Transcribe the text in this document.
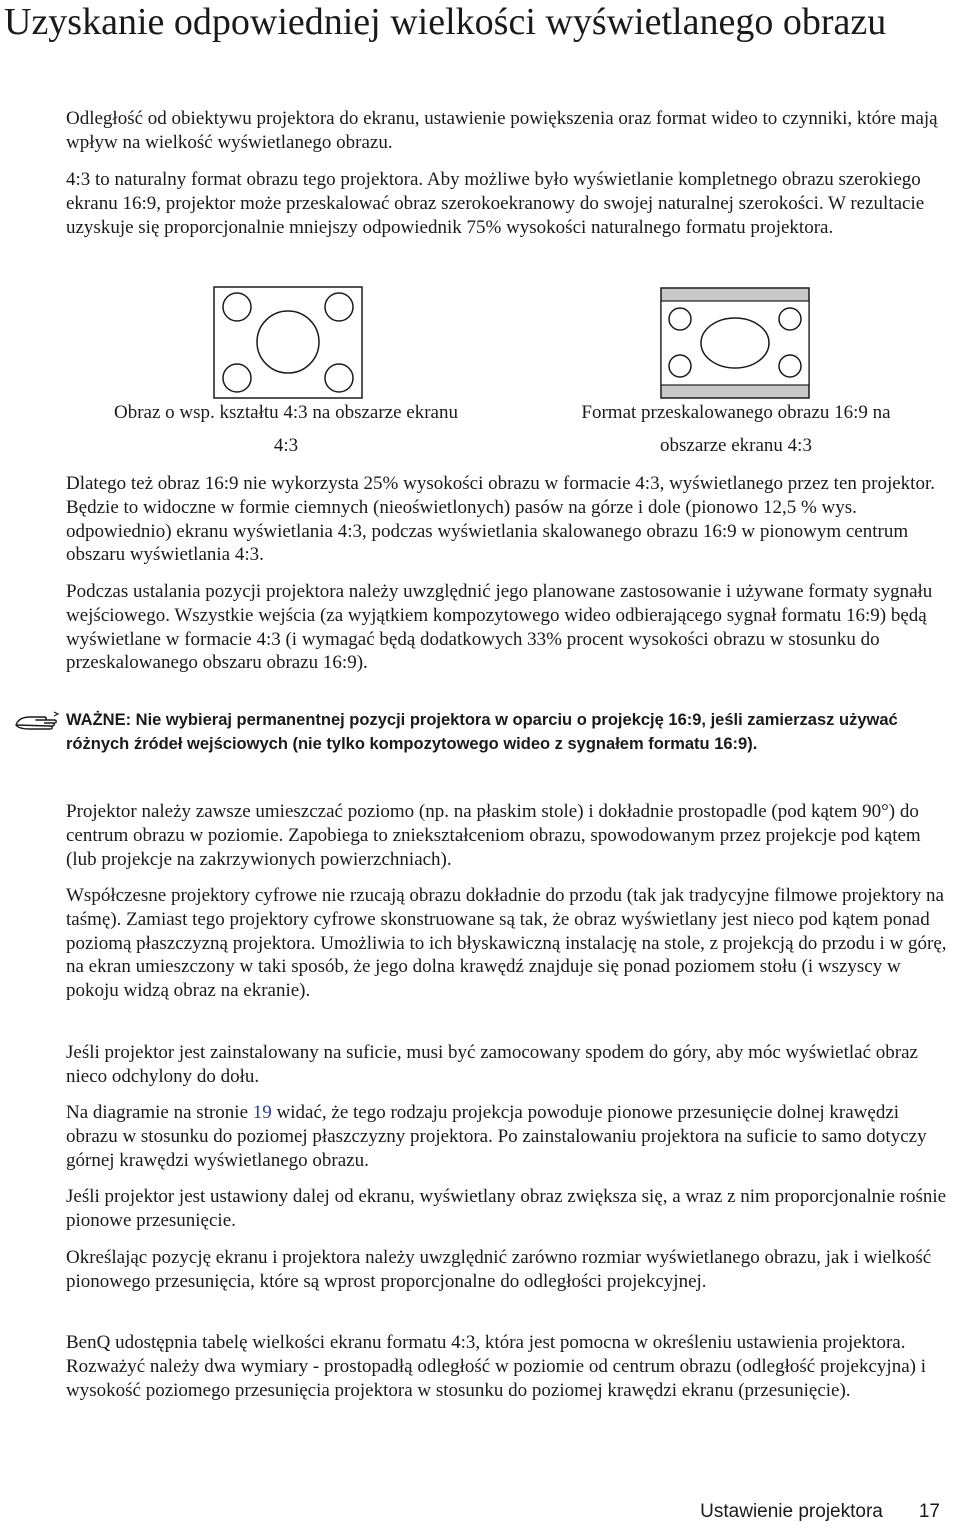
Uzyskanie odpowiedniej wielkości wyświetlanego obrazu

Odległość od obiektywu projektora do ekranu, ustawienie powiększenia oraz format wideo to czynniki, które mają wpływ na wielkość wyświetlanego obrazu.

4:3 to naturalny format obrazu tego projektora. Aby możliwe było wyświetlanie kompletnego obrazu szerokiego ekranu 16:9, projektor może przeskalować obraz szerokoekranowy do swojej naturalnej szerokości. W rezultacie uzyskuje się proporcjonalnie mniejszy odpowiednik 75% wysokości naturalnego formatu projektora.

Obraz o wsp. kształtu 4:3 na obszarze ekranu
4:3
Format przeskalowanego obrazu 16:9 na
obszarze ekranu 4:3

Dlatego też obraz 16:9 nie wykorzysta 25% wysokości obrazu w formacie 4:3, wyświetlanego przez ten projektor. Będzie to widoczne w formie ciemnych (nieoświetlonych) pasów na górze i dole (pionowo 12,5 % wys. odpowiednio) ekranu wyświetlania 4:3, podczas wyświetlania skalowanego obrazu 16:9 w pionowym centrum obszaru wyświetlania 4:3.

Podczas ustalania pozycji projektora należy uwzględnić jego planowane zastosowanie i używane formaty sygnału wejściowego. Wszystkie wejścia (za wyjątkiem kompozytowego wideo odbierającego sygnał formatu 16:9) będą wyświetlane w formacie 4:3 (i wymagać będą dodatkowych 33% procent wysokości obrazu w stosunku do przeskalowanego obszaru obrazu 16:9).

WAŻNE: Nie wybieraj permanentnej pozycji projektora w oparciu o projekcję 16:9, jeśli zamierzasz używać różnych źródeł wejściowych (nie tylko kompozytowego wideo z sygnałem formatu 16:9).

Projektor należy zawsze umieszczać poziomo (np. na płaskim stole) i dokładnie prostopadle (pod kątem 90°) do centrum obrazu w poziomie. Zapobiega to zniekształceniom obrazu, spowodowanym przez projekcje pod kątem (lub projekcje na zakrzywionych powierzchniach).

Współczesne projektory cyfrowe nie rzucają obrazu dokładnie do przodu (tak jak tradycyjne filmowe projektory na taśmę). Zamiast tego projektory cyfrowe skonstruowane są tak, że obraz wyświetlany jest nieco pod kątem ponad poziomą płaszczyzną projektora. Umożliwia to ich błyskawiczną instalację na stole, z projekcją do przodu i w górę, na ekran umieszczony w taki sposób, że jego dolna krawędź znajduje się ponad poziomem stołu (i wszyscy w pokoju widzą obraz na ekranie).

Jeśli projektor jest zainstalowany na suficie, musi być zamocowany spodem do góry, aby móc wyświetlać obraz nieco odchylony do dołu.

Na diagramie na stronie 19 widać, że tego rodzaju projekcja powoduje pionowe przesunięcie dolnej krawędzi obrazu w stosunku do poziomej płaszczyzny projektora. Po zainstalowaniu projektora na suficie to samo dotyczy górnej krawędzi wyświetlanego obrazu.

Jeśli projektor jest ustawiony dalej od ekranu, wyświetlany obraz zwiększa się, a wraz z nim proporcjonalnie rośnie pionowe przesunięcie.

Określając pozycję ekranu i projektora należy uwzględnić zarówno rozmiar wyświetlanego obrazu, jak i wielkość pionowego przesunięcia, które są wprost proporcjonalne do odległości projekcyjnej.

BenQ udostępnia tabelę wielkości ekranu formatu 4:3, która jest pomocna w określeniu ustawienia projektora. Rozważyć należy dwa wymiary - prostopadłą odległość w poziomie od centrum obrazu (odległość projekcyjna) i wysokość poziomego przesunięcia projektora w stosunku do poziomej krawędzi ekranu (przesunięcie).

Ustawienie projektora 17
